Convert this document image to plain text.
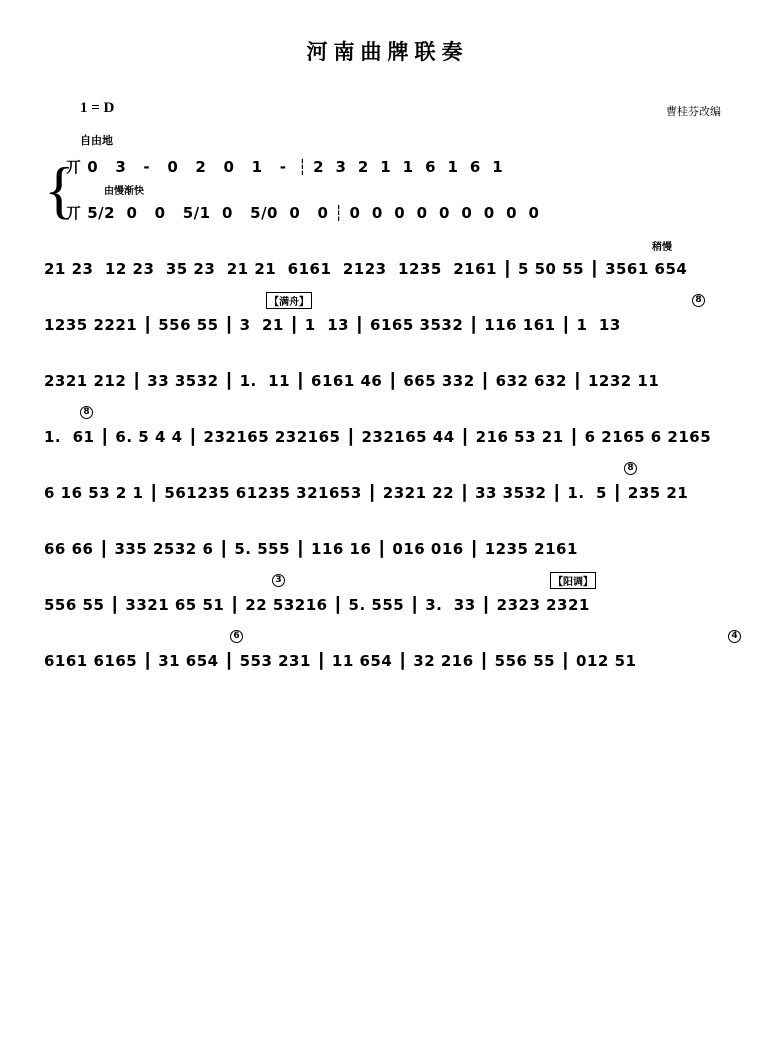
河南曲牌联奏
1 = D	曹桂芬改编
自由地
{
丌 0   3   -   0   2   0   1   -  ┆ 2  3  2  1  1  6  1  6  1
由慢渐快
丌 5/2  0   0   5/1  0   5/0  0   0 ┆ 0  0  0  0  0  0  0  0  0
稍慢
21 23  12 23  35 23  21 21  6161  2123  1235  2161 ┃ 5 50 55 ┃ 3561 654
【满舟】	8
1235 2221 ┃ 556 55 ┃ 3  21 ┃ 1  13 ┃ 6165 3532 ┃ 116 161 ┃ 1  13
2321 212 ┃ 33 3532 ┃ 1.  11 ┃ 6161 46 ┃ 665 332 ┃ 632 632 ┃ 1232 11
8
1.  61 ┃ 6. 5 4 4 ┃ 232165 232165 ┃ 232165 44 ┃ 216 53 21 ┃ 6 2165 6 2165
8
6 16 53 2 1 ┃ 561235 61235 321653 ┃ 2321 22 ┃ 33 3532 ┃ 1.  5 ┃ 235 21
66 66 ┃ 335 2532 6 ┃ 5. 555 ┃ 116 16 ┃ 016 016 ┃ 1235 2161
【阳调】
3
556 55 ┃ 3321 65 51 ┃ 22 53216 ┃ 5. 555 ┃ 3.  33 ┃ 2323 2321
6	4
6161 6165 ┃ 31 654 ┃ 553 231 ┃ 11 654 ┃ 32 216 ┃ 556 55 ┃ 012 51
